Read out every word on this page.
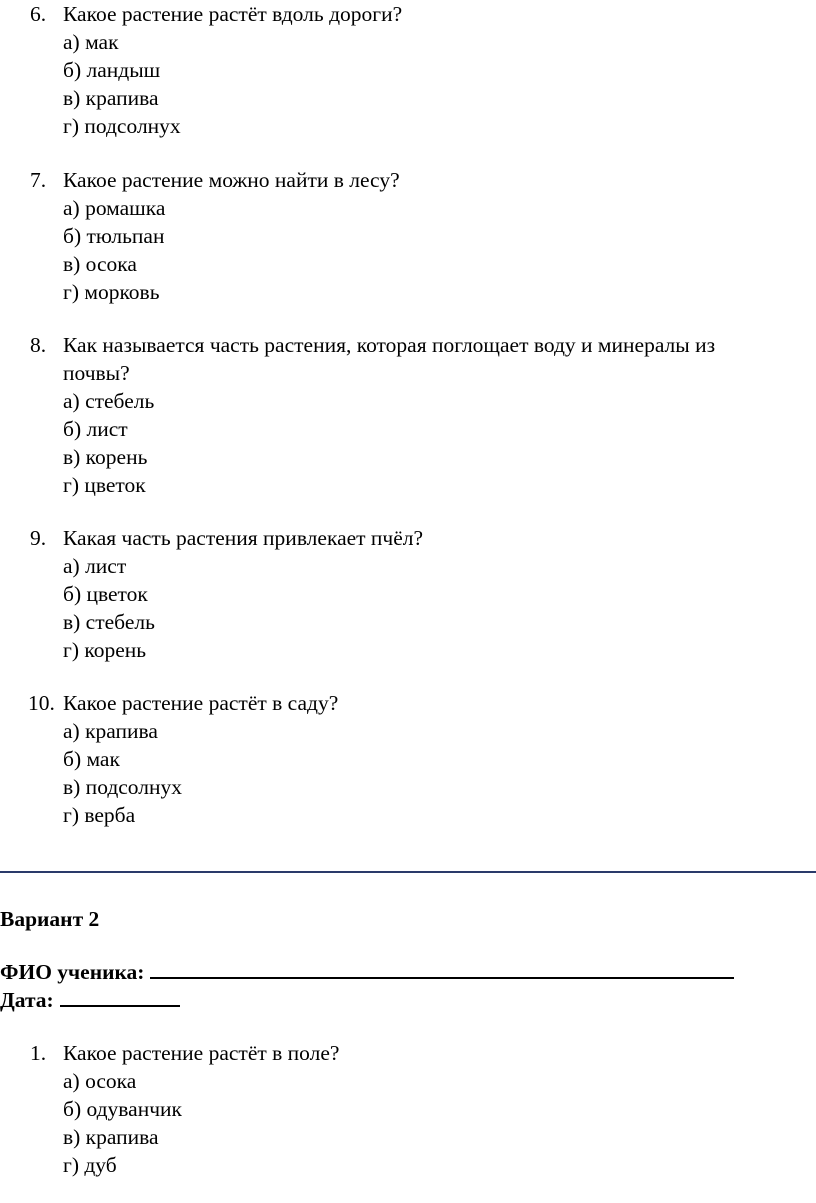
6. Какое растение растёт вдоль дороги?
а) мак
б) ландыш
в) крапива
г) подсолнух
7. Какое растение можно найти в лесу?
а) ромашка
б) тюльпан
в) осока
г) морковь
8. Как называется часть растения, которая поглощает воду и минералы из
почвы?
а) стебель
б) лист
в) корень
г) цветок
9. Какая часть растения привлекает пчёл?
а) лист
б) цветок
в) стебель
г) корень
10. Какое растение растёт в саду?
а) крапива
б) мак
в) подсолнух
г) верба
Вариант 2
ФИО ученика:
Дата:
1. Какое растение растёт в поле?
а) осока
б) одуванчик
в) крапива
г) дуб
